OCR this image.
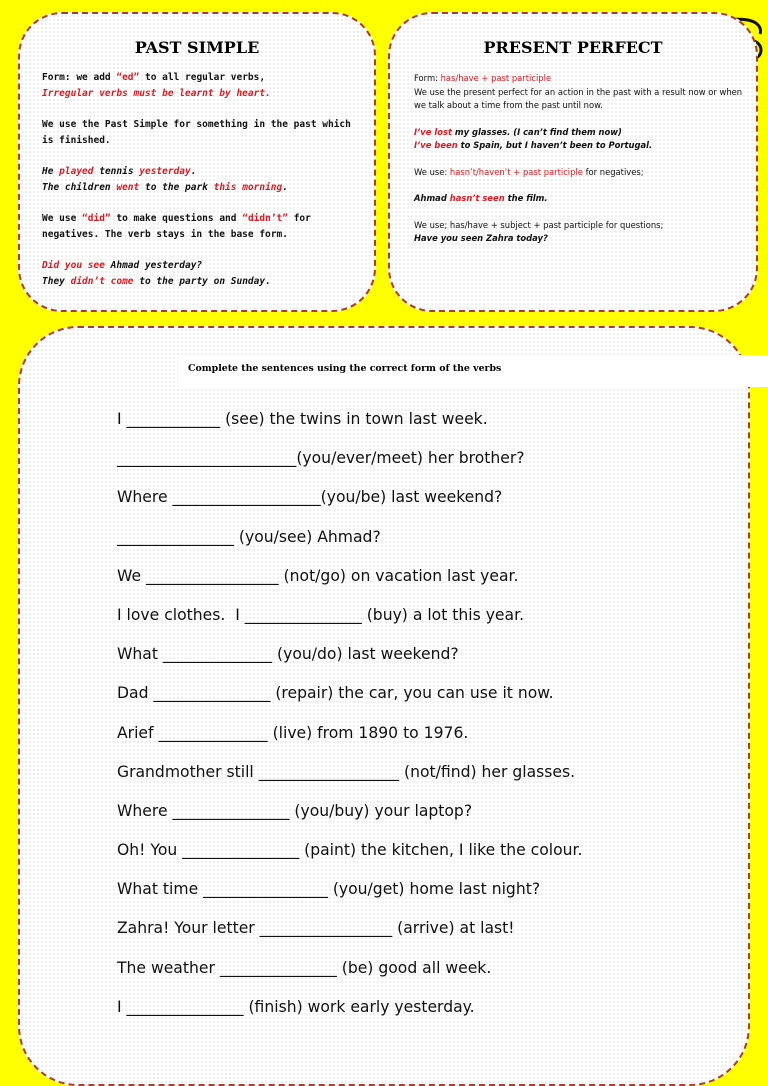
PAST SIMPLE

Form: we add “ed” to all regular verbs,
Irregular verbs must be learnt by heart.

We use the Past Simple for something in the past which is finished.

He played tennis yesterday.
The children went to the park this morning.

We use “did” to make questions and “didn’t” for negatives. The verb stays in the base form.

Did you see Ahmad yesterday?
They didn’t come to the party on Sunday.

PRESENT PERFECT

Form: has/have + past participle
We use the present perfect for an action in the past with a result now or when we talk about a time from the past until now.

I’ve lost my glasses. (I can’t find them now)
I’ve been to Spain, but I haven’t been to Portugal.

We use: hasn’t/haven’t + past participle for negatives;

Ahmad hasn’t seen the film.

We use; has/have + subject + past participle for questions;
Have you seen Zahra today?

Complete the sentences using the correct form of the verbs
I ____________ (see) the twins in town last week.
_______________________(you/ever/meet) her brother?
Where ___________________(you/be) last weekend?
_______________ (you/see) Ahmad?
We _________________ (not/go) on vacation last year.
I love clothes.  I _______________ (buy) a lot this year.
What ______________ (you/do) last weekend?
Dad _______________ (repair) the car, you can use it now.
Arief ______________ (live) from 1890 to 1976.
Grandmother still __________________ (not/find) her glasses.
Where _______________ (you/buy) your laptop?
Oh! You _______________ (paint) the kitchen, I like the colour.
What time ________________ (you/get) home last night?
Zahra! Your letter _________________ (arrive) at last!
The weather _______________ (be) good all week.
I _______________ (finish) work early yesterday.
